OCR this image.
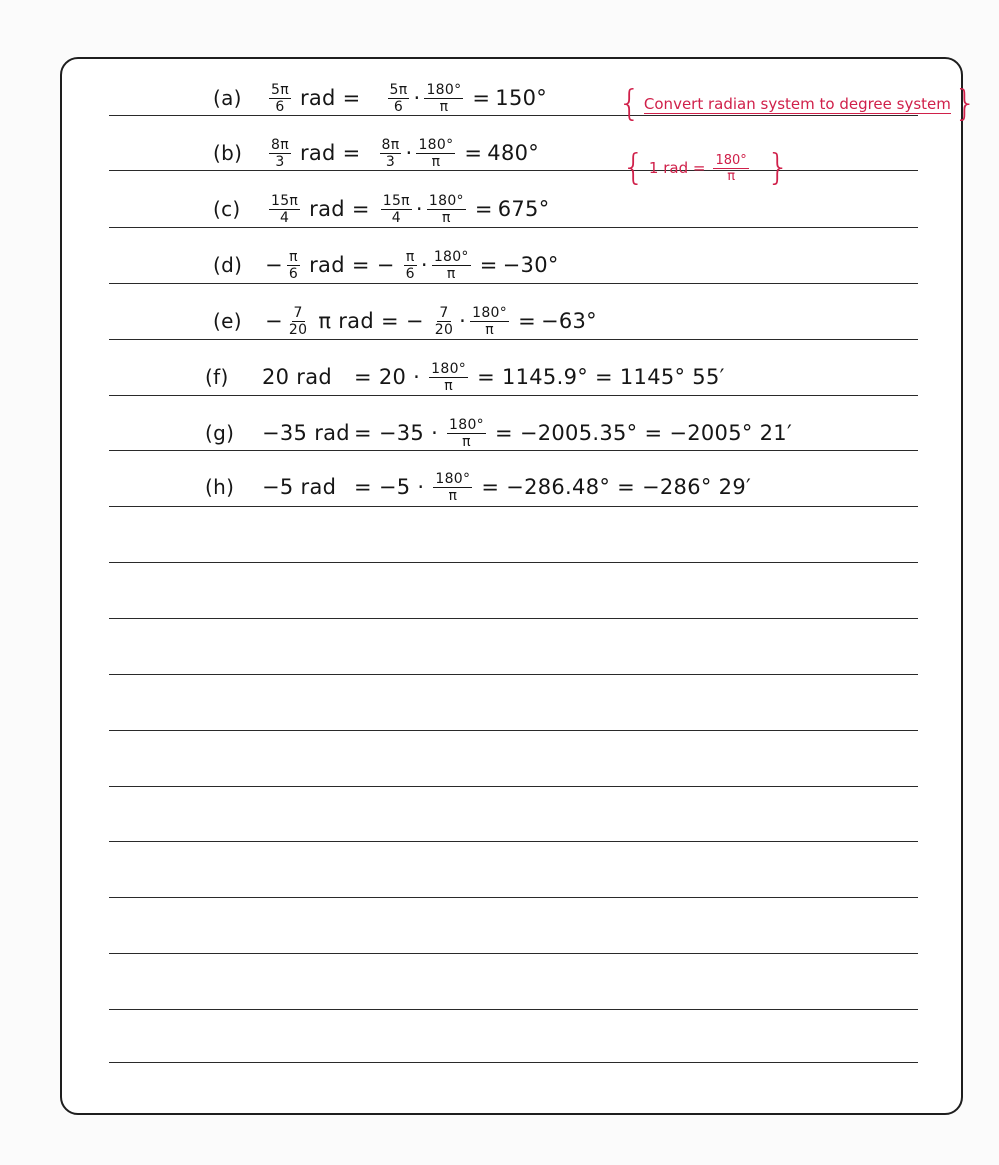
(a)	$\frac{5\pi}{6}$ rad = $\frac{5\pi}{6} \cdot \frac{180^\circ}{\pi} = 150^\circ$
(b)	$\frac{8\pi}{3}$ rad = $\frac{8\pi}{3} \cdot \frac{180^\circ}{\pi} = 480^\circ$
(c)	$\frac{15\pi}{4}$ rad = $\frac{15\pi}{4} \cdot \frac{180^\circ}{\pi} = 675^\circ$
(d)	− $\frac{\pi}{6}$ rad = − $\frac{\pi}{6} \cdot \frac{180^\circ}{\pi} = -30^\circ$
(e)	− $\frac{7}{20}$ π rad = − $\frac{7}{20} \cdot \frac{180^\circ}{\pi} = -63^\circ$
(f)	20 rad	= $20 \cdot \frac{180^\circ}{\pi} = 1145.9^\circ = 1145^\circ$ 55′
(g)	−35 rad = $-35 \cdot \frac{180^\circ}{\pi} = -2005.35^\circ = -2005^\circ$ 21′
(h)	−5 rad = $-5 \cdot \frac{180^\circ}{\pi} = -286.48^\circ = -286^\circ$ 29′
{ Convert radian system to degree system }
{ 1 rad = $\frac{180^\circ}{\pi}$ }
